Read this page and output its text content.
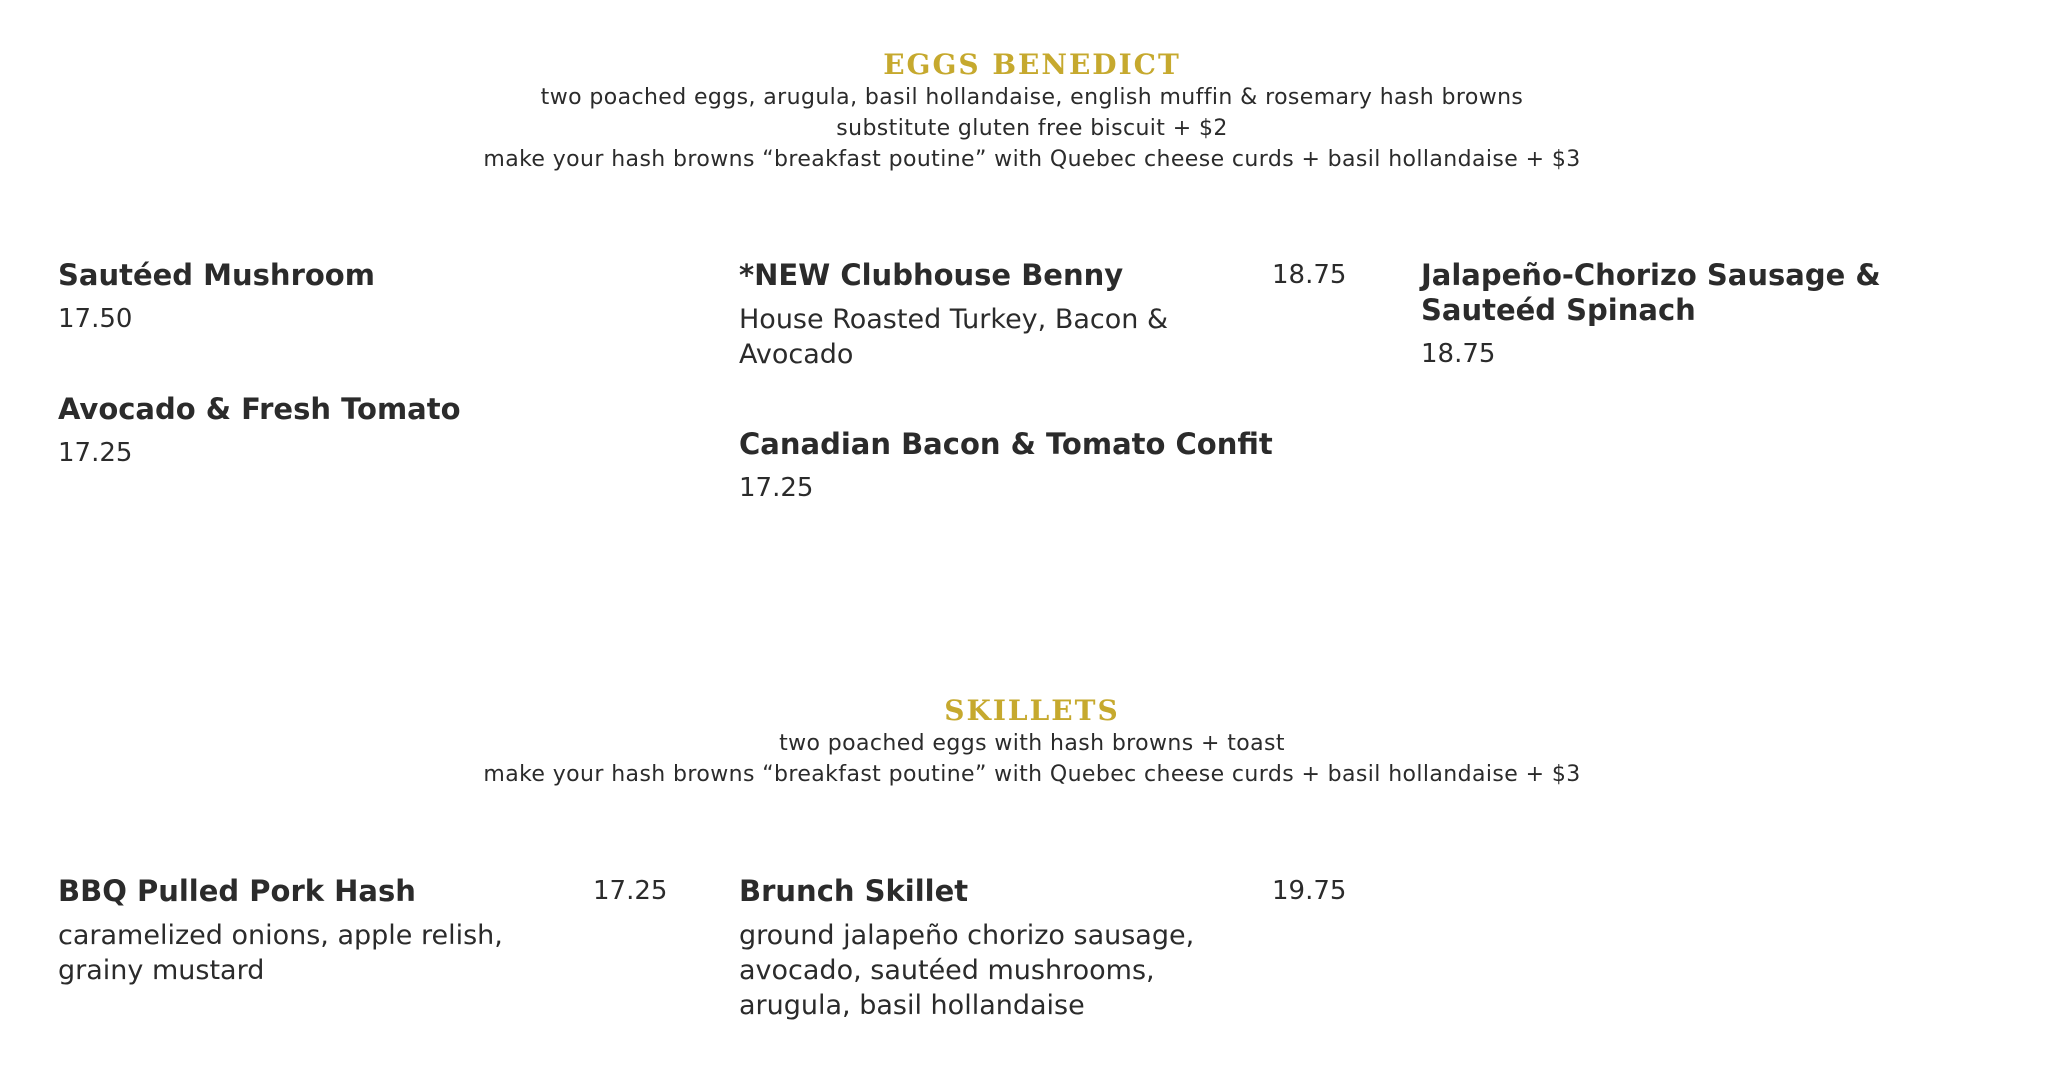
EGGS BENEDICT
two poached eggs, arugula, basil hollandaise, english muffin & rosemary hash browns
substitute gluten free biscuit + $2
make your hash browns “breakfast poutine” with Quebec cheese curds + basil hollandaise + $3
Sautéed Mushroom
17.50
Avocado & Fresh Tomato
17.25
*NEW Clubhouse Benny
House Roasted Turkey, Bacon & Avocado
18.75
Canadian Bacon & Tomato Confit
17.25
Jalapeño-Chorizo Sausage & Sauteéd Spinach
18.75
SKILLETS
two poached eggs with hash browns + toast
make your hash browns “breakfast poutine” with Quebec cheese curds + basil hollandaise + $3
BBQ Pulled Pork Hash
caramelized onions, apple relish, grainy mustard
17.25 Brunch Skillet
ground jalapeño chorizo sausage, avocado, sautéed mushrooms, arugula, basil hollandaise
19.75
